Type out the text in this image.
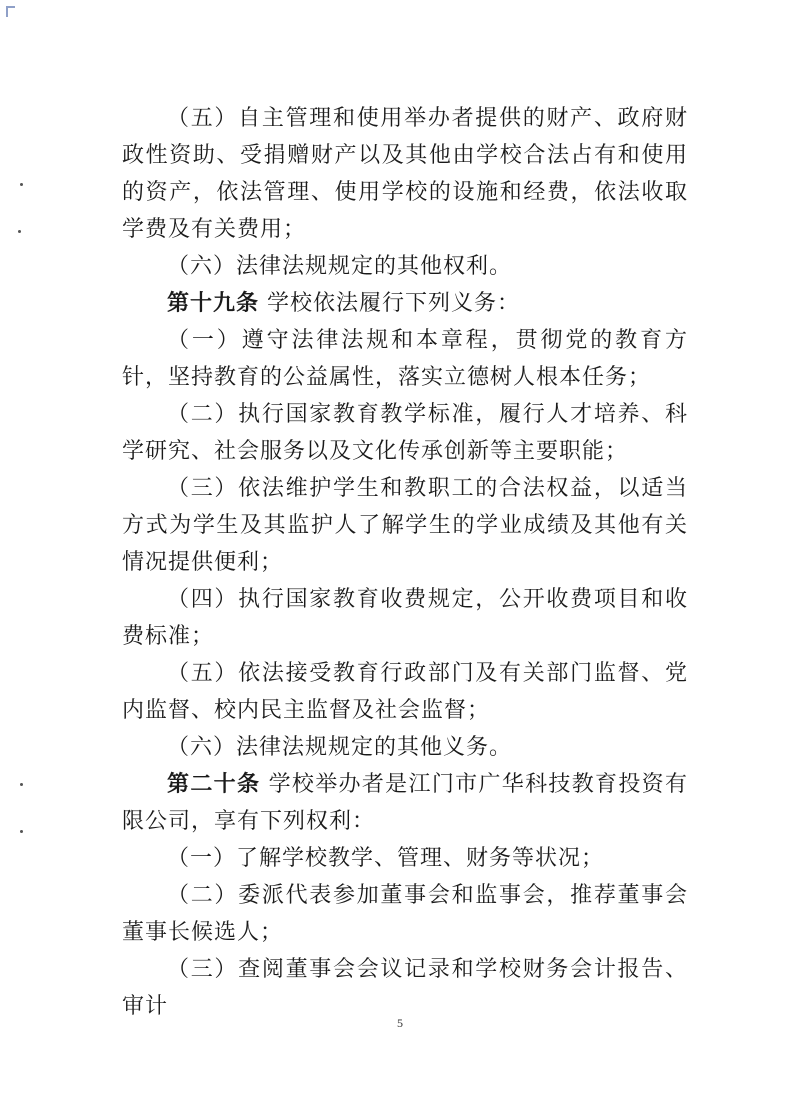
（五）自主管理和使用举办者提供的财产、政府财政性资助、受捐赠财产以及其他由学校合法占有和使用的资产，依法管理、使用学校的设施和经费，依法收取学费及有关费用；

（六）法律法规规定的其他权利。

第十九条 学校依法履行下列义务：

（一）遵守法律法规和本章程，贯彻党的教育方针，坚持教育的公益属性，落实立德树人根本任务；

（二）执行国家教育教学标准，履行人才培养、科学研究、社会服务以及文化传承创新等主要职能；

（三）依法维护学生和教职工的合法权益，以适当方式为学生及其监护人了解学生的学业成绩及其他有关情况提供便利；

（四）执行国家教育收费规定，公开收费项目和收费标准；

（五）依法接受教育行政部门及有关部门监督、党内监督、校内民主监督及社会监督；

（六）法律法规规定的其他义务。

第二十条 学校举办者是江门市广华科技教育投资有限公司，享有下列权利：

（一）了解学校教学、管理、财务等状况；

（二）委派代表参加董事会和监事会，推荐董事会董事长候选人；

（三）查阅董事会会议记录和学校财务会计报告、审计

5
